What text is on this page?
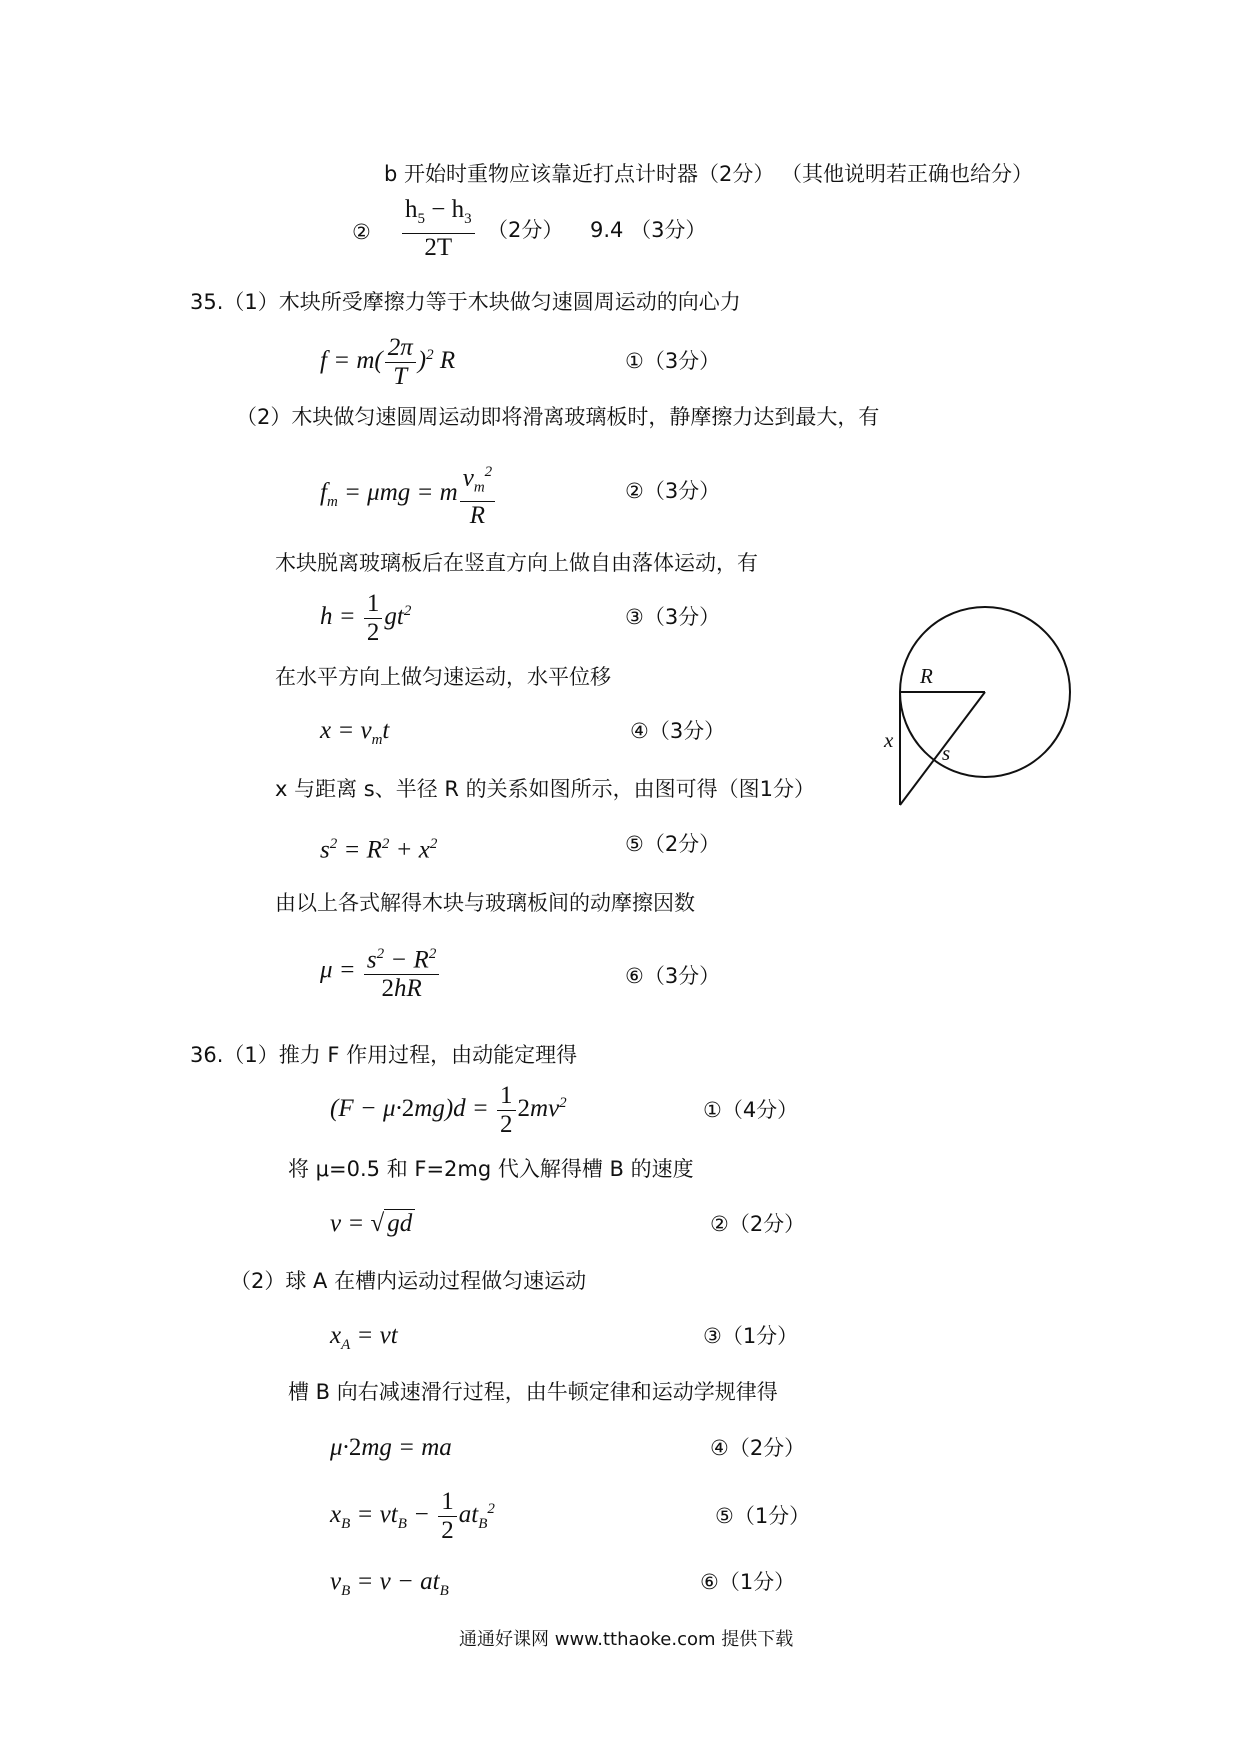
b 开始时重物应该靠近打点计时器（2分） （其他说明若正确也给分）
② $\frac{h_5 - h_3}{2T} (2$分） 9.4 （3分）
35.（1）木块所受摩擦力等于木块做匀速圆周运动的向心力
$f = m( \frac{2\pi}{T} )^2$ R	①（3分）
（2）木块做匀速圆周运动即将滑离玻璃板时，静摩擦力达到最大，有
$f_m = \mu mg = m \frac{v_m^2}{R}$	②（3分）
木块脱离玻璃板后在竖直方向上做自由落体运动，有
$h = \frac{1}{2} gt^2$	③（3分）
在水平方向上做匀速运动，水平位移
$x = v_mt$	④（3分）
x 与距离 s、半径 R 的关系如图所示，由图可得（图1分）
$s^2 = R^2 + x^2$	⑤（2分）
由以上各式解得木块与玻璃板间的动摩擦因数
$\mu = \frac{s^2 - R^2}{2hR}$	⑥（3分）
R
x
s
36.（1）推力 F 作用过程，由动能定理得
$(F - \mu\cdot 2mg)d = \frac{1}{2} 2mv^2$	①（4分）
将 μ=0.5 和 F=2mg 代入解得槽 B 的速度
v = √ gd	②（2分）
（2）球 A 在槽内运动过程做匀速运动
$x_A$ = vt	③（1分）
槽 B 向右减速滑行过程，由牛顿定律和运动学规律得
μ·2mg = ma	④（2分）
$x_B = vt_B - \frac{1}{2} at_B^2$	⑤（1分）
$v_B = v - at_B$	⑥（1分）
通通好课网 www.tthaoke.com 提供下载
